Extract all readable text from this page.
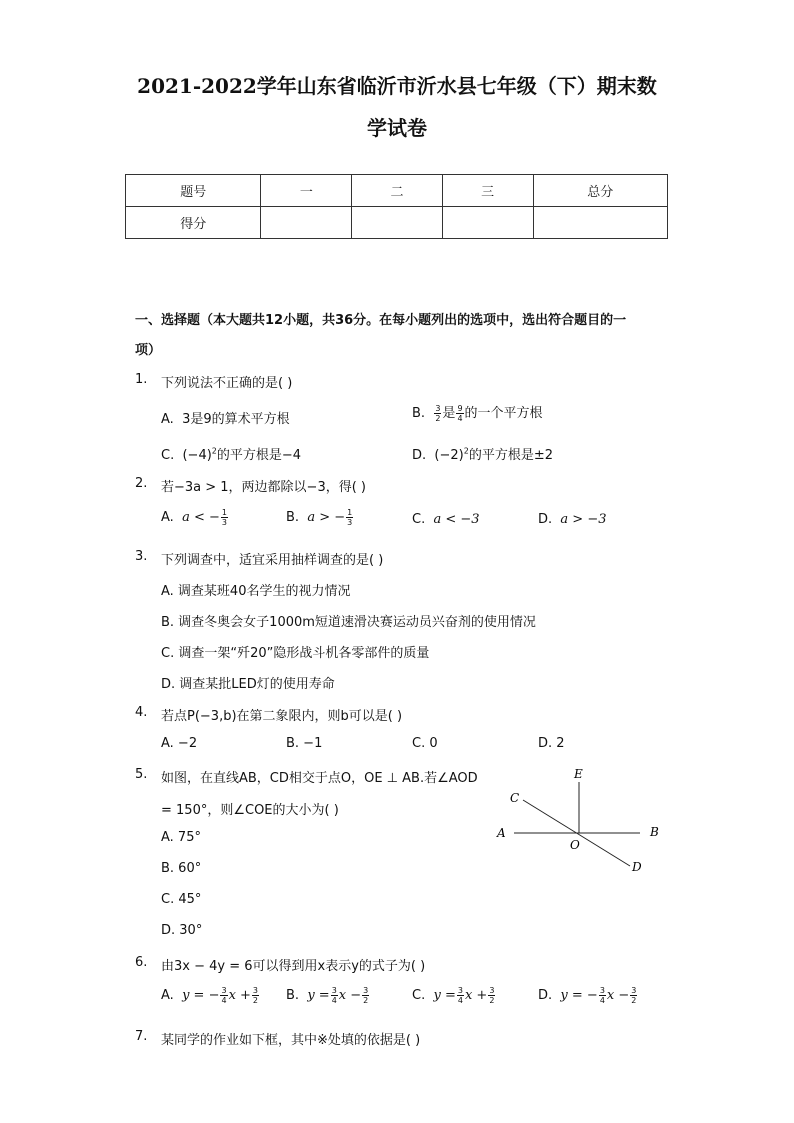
2021-2022学年山东省临沂市沂水县七年级（下）期末数
学试卷
题号	一	二	三	总分
得分				
一、选择题（本大题共12小题，共36分。在每小题列出的选项中，选出符合题目的一
项）
1. 下列说法不正确的是( )
A. 3是9的算术平方根	B. $\frac{3}{2}$ 是 $\frac{9}{4}$ 的一个平方根
C. $(-4)^2$的平方根是−4	D. $(-2)^2$的平方根是±2
2. 若−3a > 1，两边都除以−3，得( )
A. a < − $\frac{1}{3}$	B. a > − $\frac{1}{3}$	C. a < −3	D. a > −3
3. 下列调查中，适宜采用抽样调查的是( )
A. 调查某班40名学生的视力情况
B. 调查冬奥会女子1000m短道速滑决赛运动员兴奋剂的使用情况
C. 调查一架“歼20”隐形战斗机各零部件的质量
D. 调查某批LED灯的使用寿命
4. 若点P(−3,b)在第二象限内，则b可以是( )
A. −2	B. −1	C. 0	D. 2
5. 如图，在直线AB，CD相交于点O，OE ⊥ AB.若∠AOD
= 150°，则∠COE的大小为( )
A. 75°
B. 60°
C. 45°
D. 30°
E
C
A
O
B
D
6. 由3x − 4y = 6可以得到用x表示y的式子为( )
A. y = − $\frac{3}{4}$ $x + \frac{3}{2} B$. $y = \frac{3}{4}$ $x - \frac{3}{2}$	C. $y = \frac{3}{4}$ $x + \frac{3}{2}$	D. y = − $\frac{3}{4}$ $x - \frac{3}{2}$
7. 某同学的作业如下框，其中※处填的依据是( )
